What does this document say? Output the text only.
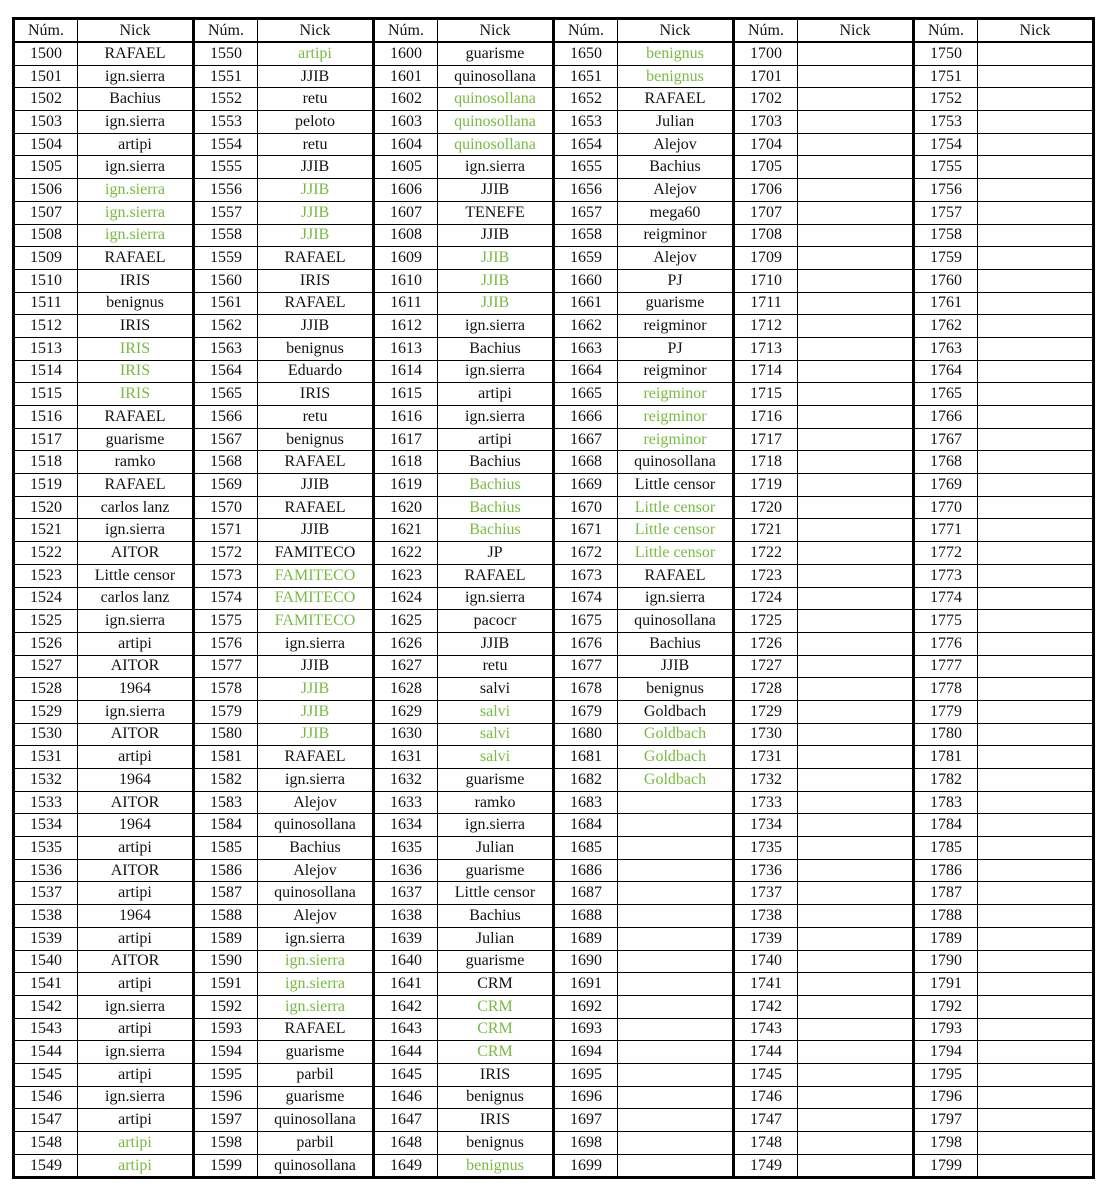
Núm.	Nick	Núm.	Nick	Núm.	Nick	Núm.	Nick	Núm.	Nick	Núm.	Nick
1500	RAFAEL	1550	artipi	1600	guarisme	1650	benignus	1700		1750	
1501	ign.sierra	1551	JJIB	1601	quinosollana	1651	benignus	1701		1751	
1502	Bachius	1552	retu	1602	quinosollana	1652	RAFAEL	1702		1752	
1503	ign.sierra	1553	peloto	1603	quinosollana	1653	Julian	1703		1753	
1504	artipi	1554	retu	1604	quinosollana	1654	Alejov	1704		1754	
1505	ign.sierra	1555	JJIB	1605	ign.sierra	1655	Bachius	1705		1755	
1506	ign.sierra	1556	JJIB	1606	JJIB	1656	Alejov	1706		1756	
1507	ign.sierra	1557	JJIB	1607	TENEFE	1657	mega60	1707		1757	
1508	ign.sierra	1558	JJIB	1608	JJIB	1658	reigminor	1708		1758	
1509	RAFAEL	1559	RAFAEL	1609	JJIB	1659	Alejov	1709		1759	
1510	IRIS	1560	IRIS	1610	JJIB	1660	PJ	1710		1760	
1511	benignus	1561	RAFAEL	1611	JJIB	1661	guarisme	1711		1761	
1512	IRIS	1562	JJIB	1612	ign.sierra	1662	reigminor	1712		1762	
1513	IRIS	1563	benignus	1613	Bachius	1663	PJ	1713		1763	
1514	IRIS	1564	Eduardo	1614	ign.sierra	1664	reigminor	1714		1764	
1515	IRIS	1565	IRIS	1615	artipi	1665	reigminor	1715		1765	
1516	RAFAEL	1566	retu	1616	ign.sierra	1666	reigminor	1716		1766	
1517	guarisme	1567	benignus	1617	artipi	1667	reigminor	1717		1767	
1518	ramko	1568	RAFAEL	1618	Bachius	1668	quinosollana	1718		1768	
1519	RAFAEL	1569	JJIB	1619	Bachius	1669	Little censor	1719		1769	
1520	carlos lanz	1570	RAFAEL	1620	Bachius	1670	Little censor	1720		1770	
1521	ign.sierra	1571	JJIB	1621	Bachius	1671	Little censor	1721		1771	
1522	AITOR	1572	FAMITECO	1622	JP	1672	Little censor	1722		1772	
1523	Little censor	1573	FAMITECO	1623	RAFAEL	1673	RAFAEL	1723		1773	
1524	carlos lanz	1574	FAMITECO	1624	ign.sierra	1674	ign.sierra	1724		1774	
1525	ign.sierra	1575	FAMITECO	1625	pacocr	1675	quinosollana	1725		1775	
1526	artipi	1576	ign.sierra	1626	JJIB	1676	Bachius	1726		1776	
1527	AITOR	1577	JJIB	1627	retu	1677	JJIB	1727		1777	
1528	1964	1578	JJIB	1628	salvi	1678	benignus	1728		1778	
1529	ign.sierra	1579	JJIB	1629	salvi	1679	Goldbach	1729		1779	
1530	AITOR	1580	JJIB	1630	salvi	1680	Goldbach	1730		1780	
1531	artipi	1581	RAFAEL	1631	salvi	1681	Goldbach	1731		1781	
1532	1964	1582	ign.sierra	1632	guarisme	1682	Goldbach	1732		1782	
1533	AITOR	1583	Alejov	1633	ramko	1683		1733		1783	
1534	1964	1584	quinosollana	1634	ign.sierra	1684		1734		1784	
1535	artipi	1585	Bachius	1635	Julian	1685		1735		1785	
1536	AITOR	1586	Alejov	1636	guarisme	1686		1736		1786	
1537	artipi	1587	quinosollana	1637	Little censor	1687		1737		1787	
1538	1964	1588	Alejov	1638	Bachius	1688		1738		1788	
1539	artipi	1589	ign.sierra	1639	Julian	1689		1739		1789	
1540	AITOR	1590	ign.sierra	1640	guarisme	1690		1740		1790	
1541	artipi	1591	ign.sierra	1641	CRM	1691		1741		1791	
1542	ign.sierra	1592	ign.sierra	1642	CRM	1692		1742		1792	
1543	artipi	1593	RAFAEL	1643	CRM	1693		1743		1793	
1544	ign.sierra	1594	guarisme	1644	CRM	1694		1744		1794	
1545	artipi	1595	parbil	1645	IRIS	1695		1745		1795	
1546	ign.sierra	1596	guarisme	1646	benignus	1696		1746		1796	
1547	artipi	1597	quinosollana	1647	IRIS	1697		1747		1797	
1548	artipi	1598	parbil	1648	benignus	1698		1748		1798	
1549	artipi	1599	quinosollana	1649	benignus	1699		1749		1799	
